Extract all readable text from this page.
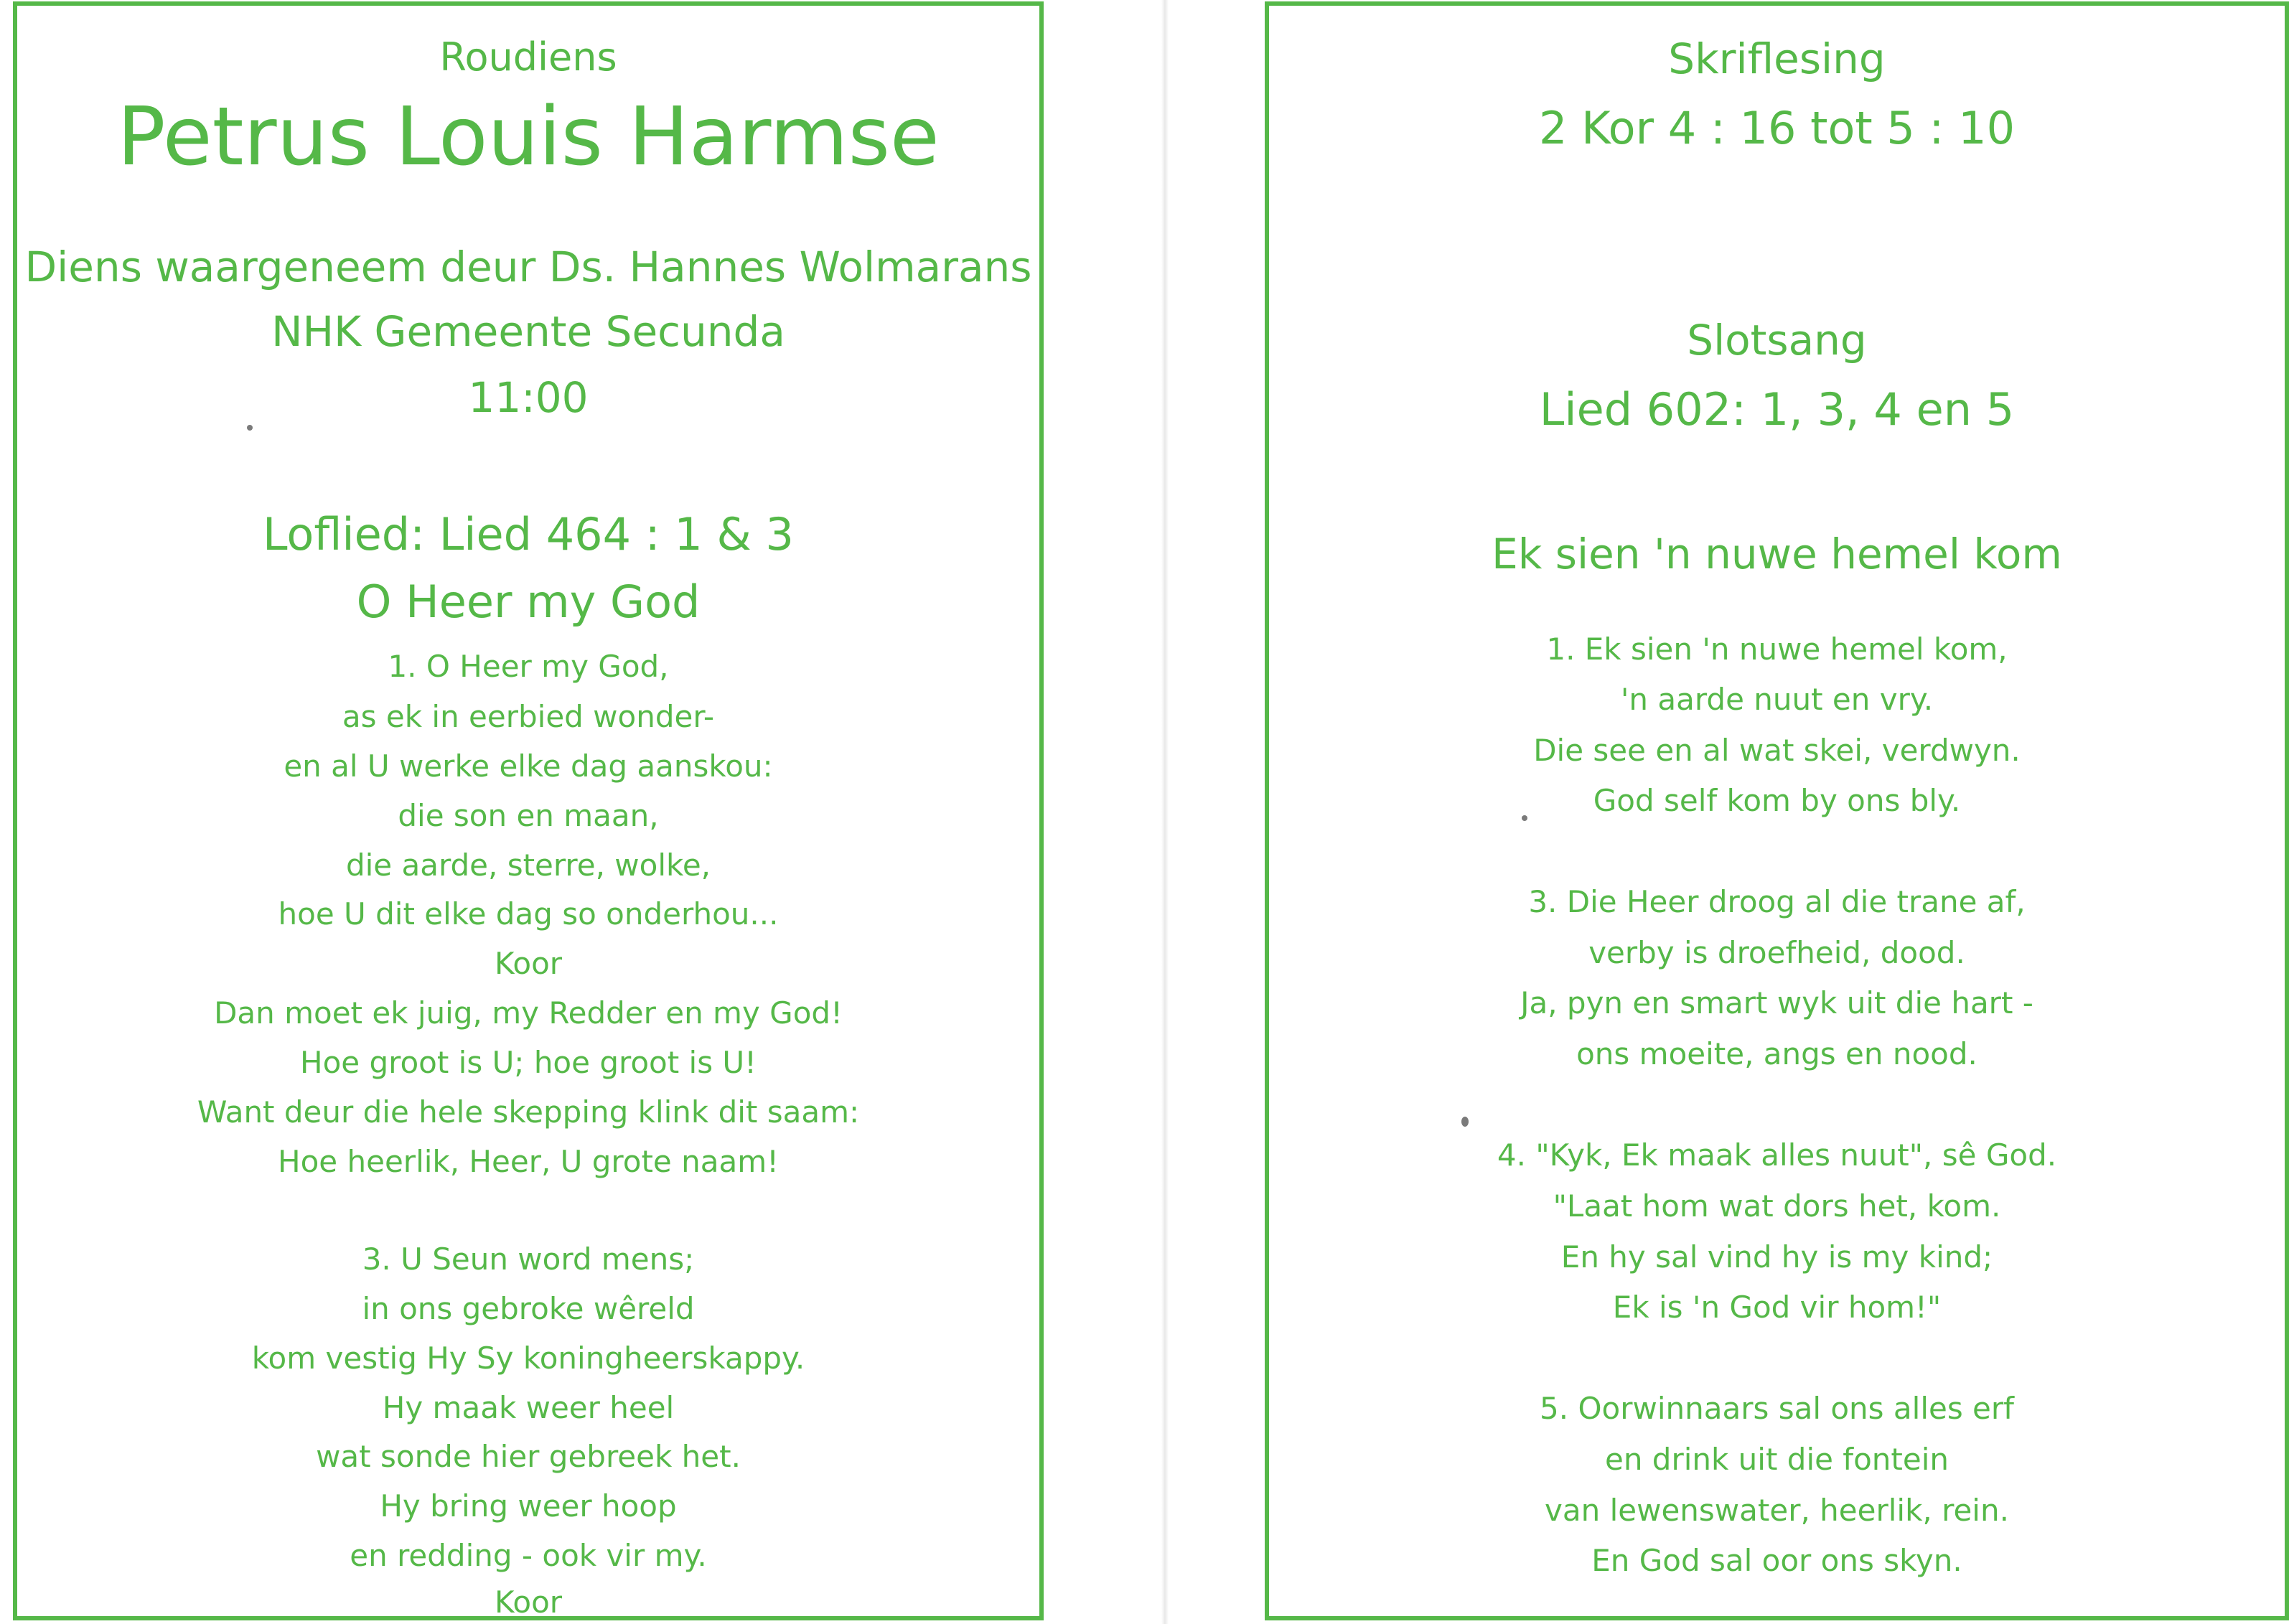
Roudiens
Petrus Louis Harmse
Diens waargeneem deur Ds. Hannes Wolmarans
NHK Gemeente Secunda
11:00
Loflied: Lied 464 : 1 & 3
O Heer my God
1. O Heer my God,
as ek in eerbied wonder-
en al U werke elke dag aanskou:
die son en maan,
die aarde, sterre, wolke,
hoe U dit elke dag so onderhou...
Koor
Dan moet ek juig, my Redder en my God!
Hoe groot is U; hoe groot is U!
Want deur die hele skepping klink dit saam:
Hoe heerlik, Heer, U grote naam!
3. U Seun word mens;
in ons gebroke wêreld
kom vestig Hy Sy koningheerskappy.
Hy maak weer heel
wat sonde hier gebreek het.
Hy bring weer hoop
en redding - ook vir my.
Koor
Skriflesing
2 Kor 4 : 16 tot 5 : 10
Slotsang
Lied 602: 1, 3, 4 en 5
Ek sien 'n nuwe hemel kom
1. Ek sien 'n nuwe hemel kom,
'n aarde nuut en vry.
Die see en al wat skei, verdwyn.
God self kom by ons bly.
3. Die Heer droog al die trane af,
verby is droefheid, dood.
Ja, pyn en smart wyk uit die hart -
ons moeite, angs en nood.
4. "Kyk, Ek maak alles nuut", sê God.
"Laat hom wat dors het, kom.
En hy sal vind hy is my kind;
Ek is 'n God vir hom!"
5. Oorwinnaars sal ons alles erf
en drink uit die fontein
van lewenswater, heerlik, rein.
En God sal oor ons skyn.
